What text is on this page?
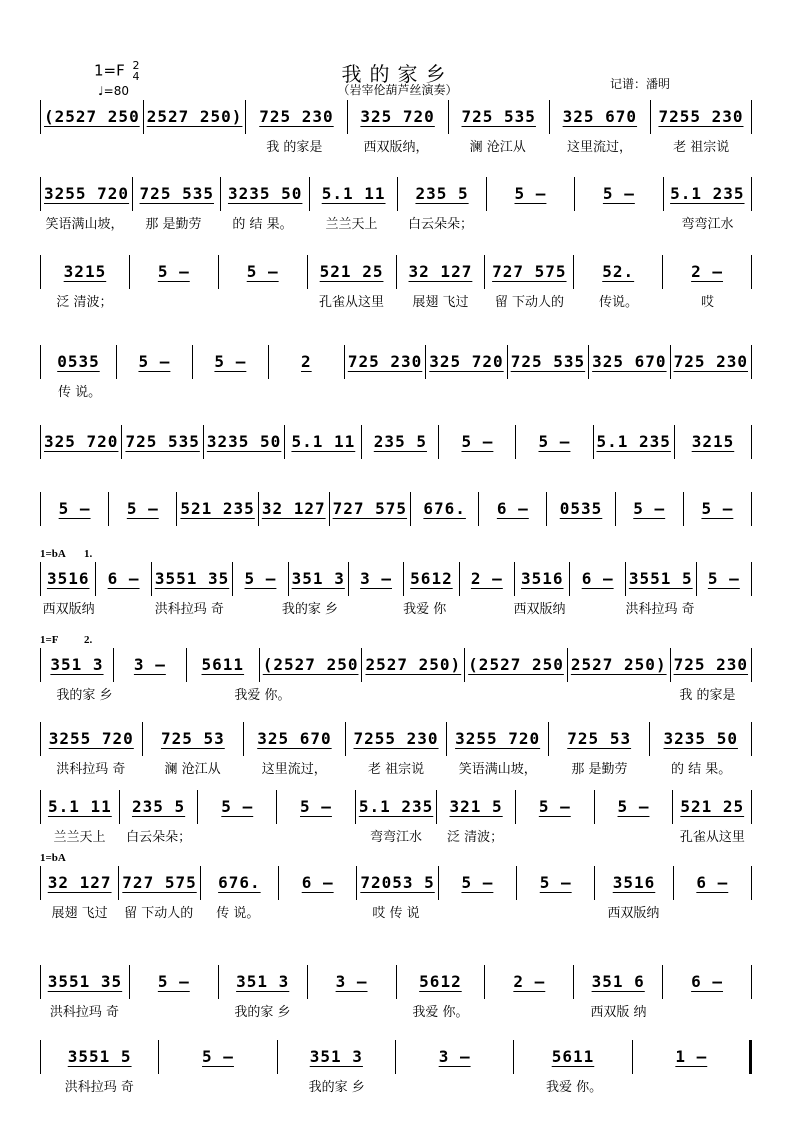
1=F 2
4
♩=80
我的家乡
（岩宰伦葫芦丝演奏）	记谱：潘明
(2527 250 2527 250) 725 230 325 720 725 535 325 670 7255 230
我 的家是	西双版纳，	澜 沧江从	这里流过，	老 祖宗说
3255 720 725 535 3235 50 5.1 11 235 5	5 –	5 – 5.1 235
笑语满山坡，	那 是勤劳	的 结 果。	兰兰天上	白云朵朵；	弯弯江水
3215	5 –	5 –	521 25 32 127 727 575 52.	2 –
泛 清波；	孔雀从这里	展翅 飞过	留 下动人的	传说。	哎
0535 5 –	5 –	2 725 230 325 720 725 535 325 670 725 230
传 说。
325 720 725 535 3235 50 5.1 11 235 5 5 –	5 – 5.1 235 3215
5 – 5 – 521 235 32 127 727 575 676. 6 – 0535 5 – 5 –
1=bA 1.
3516 6 – 3551 35 5 – 351 3 3 – 5612 2 – 3516 6 – 3551 5 5 –
西双版纳	洪科拉玛 奇	我的家 乡	我爱 你	西双版纳	洪科拉玛 奇
1=F 2.
351 3 3 – 5611 (2527 250 2527 250) (2527 250 2527 250) 725 230
我的家 乡	我爱 你。	我 的家是
3255 720 725 53 325 670 7255 230 3255 720 725 53 3235 50
洪科拉玛 奇	澜 沧江从	这里流过，	老 祖宗说	笑语满山坡，	那 是勤劳	的 结 果。
5.1 11 235 5 5 –	5 – 5.1 235 321 5 5 –	5 – 521 25
兰兰天上	白云朵朵；	弯弯江水	泛 清波；	孔雀从这里
1=bA
32 127 727 575 676.	6 – 72053 5 5 –	5 –	3516	6 –
展翅 飞过	留 下动人的	传 说。	哎 传 说	西双版纳
3551 35 5 –	351 3	3 –	5612	2 –	351 6	6 –
洪科拉玛 奇	我的家 乡	我爱 你。	西双版 纳
3551 5	5 –	351 3	3 –	5611	1 –
洪科拉玛 奇	我的家 乡	我爱 你。
